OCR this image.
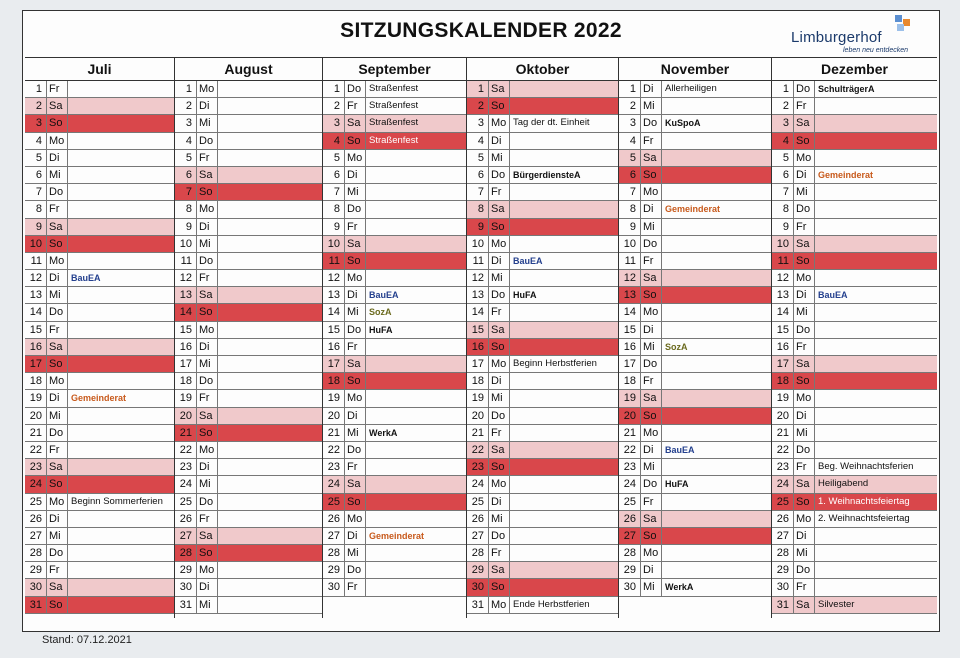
SITZUNGSKALENDER 2022	Limburgerhof
leben neu entdecken
Juli
1 Fr
2 Sa
3 So
4 Mo
5 Di
6 Mi
7 Do
8 Fr
9 Sa
10 So
11 Mo
12 Di	BauEA
13 Mi
14 Do
15 Fr
16 Sa
17 So
18 Mo
19 Di	Gemeinderat
20 Mi
21 Do
22 Fr
23 Sa
24 So
25 Mo Beginn Sommerferien
26 Di
27 Mi
28 Do
29 Fr
30 Sa
31 So
August
1 Mo
2 Di
3 Mi
4 Do
5 Fr
6 Sa
7 So
8 Mo
9 Di
10 Mi
11 Do
12 Fr
13 Sa
14 So
15 Mo
16 Di
17 Mi
18 Do
19 Fr
20 Sa
21 So
22 Mo
23 Di
24 Mi
25 Do
26 Fr
27 Sa
28 So
29 Mo
30 Di
31 Mi
September
1 Do Straßenfest
2 Fr	Straßenfest
3 Sa Straßenfest
4 So Straßenfest
5 Mo
6 Di
7 Mi
8 Do
9 Fr
10 Sa
11 So
12 Mo
13 Di	BauEA
14 Mi	SozA
15 Do HuFA
16 Fr
17 Sa
18 So
19 Mo
20 Di
21 Mi	WerkA
22 Do
23 Fr
24 Sa
25 So
26 Mo
27 Di	Gemeinderat
28 Mi
29 Do
30 Fr
Oktober
1 Sa
2 So
3 Mo Tag der dt. Einheit
4 Di
5 Mi
6 Do BürgerdiensteA
7 Fr
8 Sa
9 So
10 Mo
11 Di	BauEA
12 Mi
13 Do HuFA
14 Fr
15 Sa
16 So
17 Mo Beginn Herbstferien
18 Di
19 Mi
20 Do
21 Fr
22 Sa
23 So
24 Mo
25 Di
26 Mi
27 Do
28 Fr
29 Sa
30 So
31 Mo Ende Herbstferien
November
1 Di	Allerheiligen
2 Mi
3 Do KuSpoA
4 Fr
5 Sa
6 So
7 Mo
8 Di	Gemeinderat
9 Mi
10 Do
11 Fr
12 Sa
13 So
14 Mo
15 Di
16 Mi	SozA
17 Do
18 Fr
19 Sa
20 So
21 Mo
22 Di	BauEA
23 Mi
24 Do HuFA
25 Fr
26 Sa
27 So
28 Mo
29 Di
30 Mi	WerkA
Dezember
1 Do SchulträgerA
2 Fr
3 Sa
4 So
5 Mo
6 Di	Gemeinderat
7 Mi
8 Do
9 Fr
10 Sa
11 So
12 Mo
13 Di	BauEA
14 Mi
15 Do
16 Fr
17 Sa
18 So
19 Mo
20 Di
21 Mi
22 Do
23 Fr	Beg. Weihnachtsferien
24 Sa Heiligabend
25 So 1. Weihnachtsfeiertag
26 Mo 2. Weihnachtsfeiertag
27 Di
28 Mi
29 Do
30 Fr
31 Sa Silvester
Stand: 07.12.2021
